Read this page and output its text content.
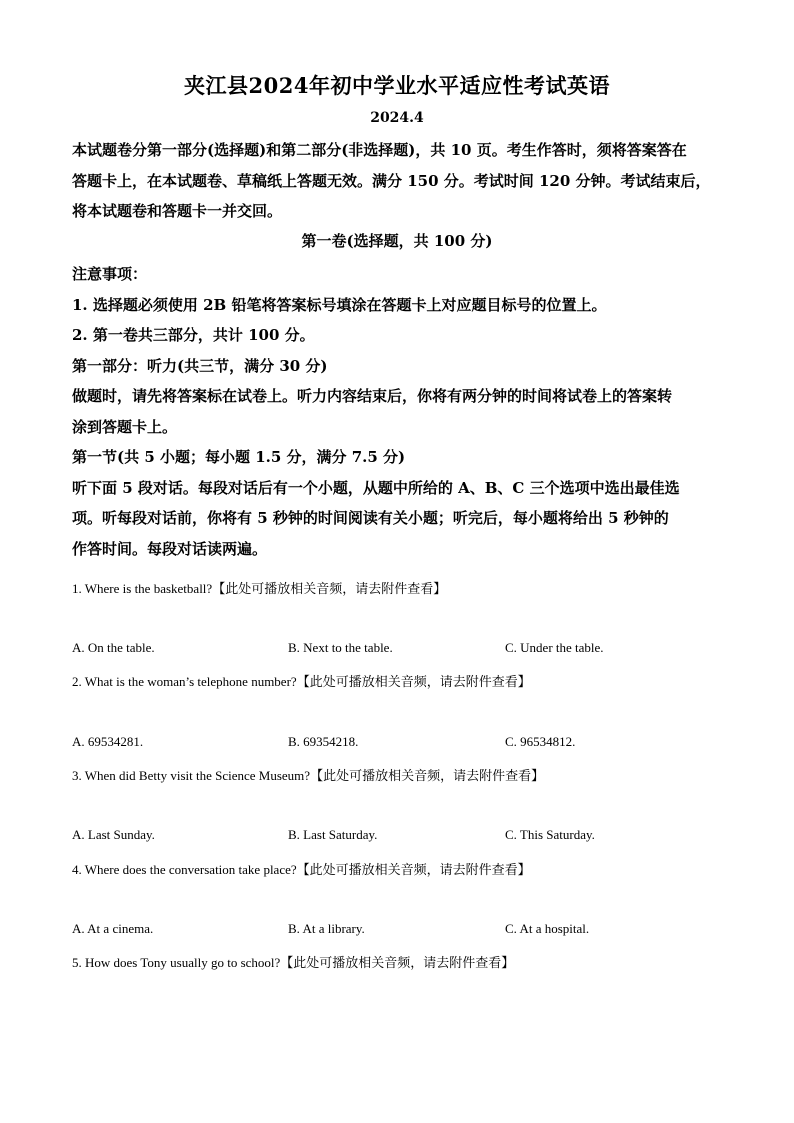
夹江县2024年初中学业水平适应性考试英语
2024.4
本试题卷分第一部分(选择题)和第二部分(非选择题)，共 10 页。考生作答时，须将答案答在
答题卡上，在本试题卷、草稿纸上答题无效。满分 150 分。考试时间 120 分钟。考试结束后，
将本试题卷和答题卡一并交回。
第一卷(选择题，共 100 分)
注意事项：
1. 选择题必须使用 2B 铅笔将答案标号填涂在答题卡上对应题目标号的位置上。
2. 第一卷共三部分，共计 100 分。
第一部分：听力(共三节，满分 30 分)
做题时，请先将答案标在试卷上。听力内容结束后，你将有两分钟的时间将试卷上的答案转
涂到答题卡上。
第一节(共 5 小题；每小题 1.5 分，满分 7.5 分)
听下面 5 段对话。每段对话后有一个小题，从题中所给的 A、B、C 三个选项中选出最佳选
项。听每段对话前，你将有 5 秒钟的时间阅读有关小题；听完后，每小题将给出 5 秒钟的
作答时间。每段对话读两遍。
1. Where is the basketball?【此处可播放相关音频，请去附件查看】
A. On the table.	B. Next to the table.	C. Under the table.
2. What is the woman’s telephone number?【此处可播放相关音频，请去附件查看】
A. 69534281.	B. 69354218.	C. 96534812.
3. When did Betty visit the Science Museum?【此处可播放相关音频，请去附件查看】
A. Last Sunday.	B. Last Saturday.	C. This Saturday.
4. Where does the conversation take place?【此处可播放相关音频，请去附件查看】
A. At a cinema.	B. At a library.	C. At a hospital.
5. How does Tony usually go to school?【此处可播放相关音频，请去附件查看】
